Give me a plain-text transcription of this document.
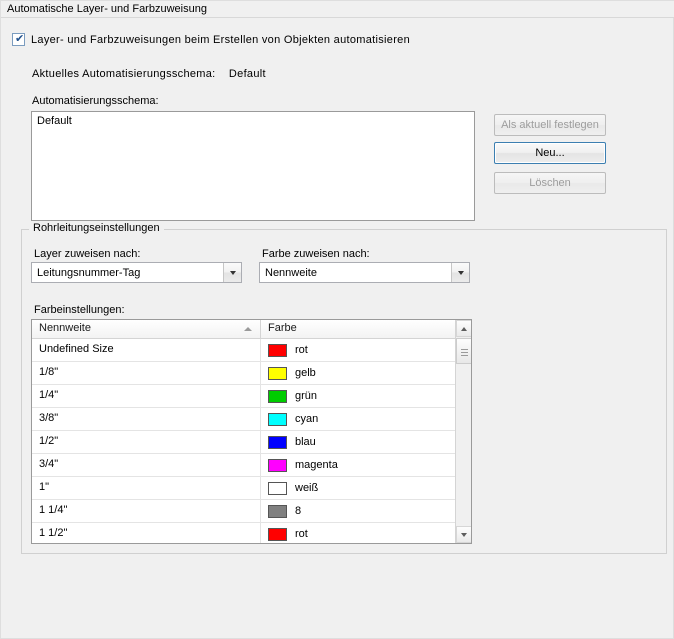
Automatische Layer- und Farbzuweisung
✔ Layer- und Farbzuweisungen beim Erstellen von Objekten automatisieren
Aktuelles Automatisierungsschema: Default
Automatisierungsschema:
Default	Als aktuell festlegen
Neu...
Löschen
Rohrleitungseinstellungen
Layer zuweisen nach:
Leitungsnummer-Tag
Farbe zuweisen nach:
Nennweite
Farbeinstellungen:
Nennweite	Farbe
Undefined Size	rot
1/8"	gelb
1/4"	grün
3/8"	cyan
1/2"	blau
3/4"	magenta
1"	weiß
1 1/4"	8
1 1/2"	rot
